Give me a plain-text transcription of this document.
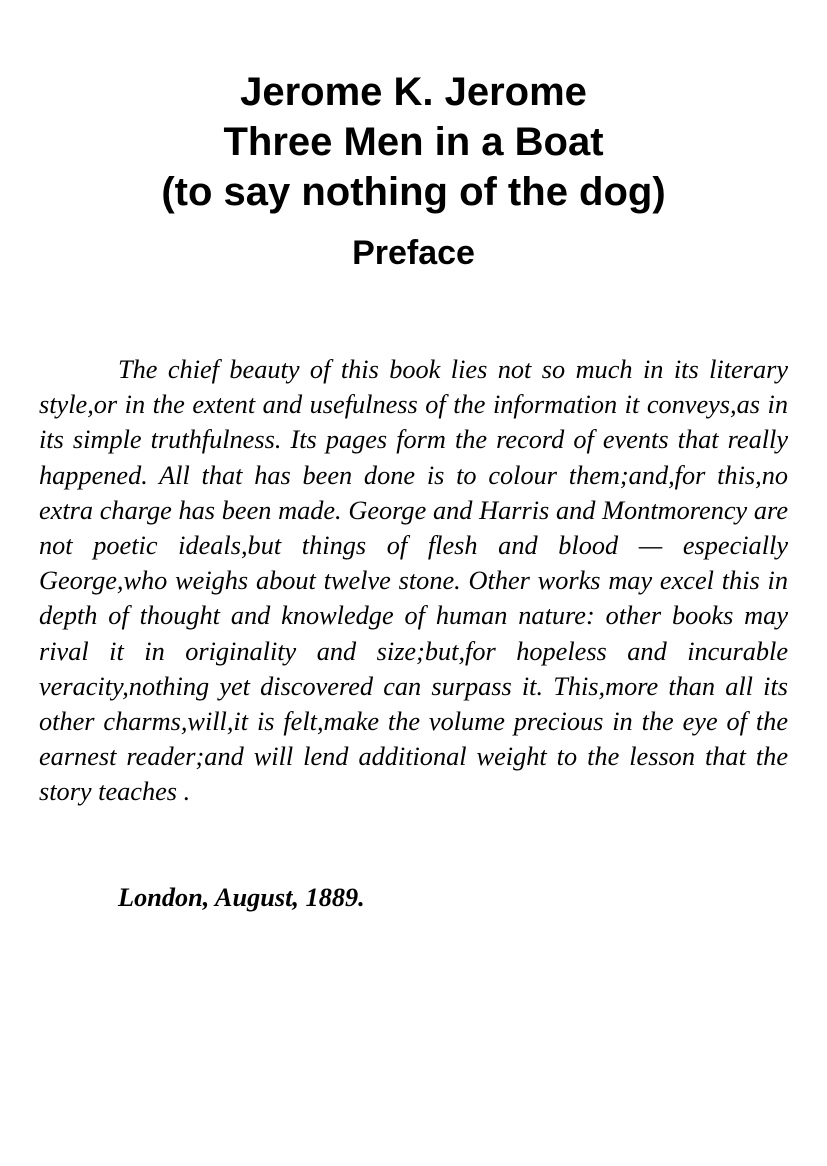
Jerome K. Jerome
Three Men in a Boat
(to say nothing of the dog)
Preface

The chief beauty of this book lies not so much in its literary style,or in the extent and usefulness of the information it conveys,as in its simple truthfulness. Its pages form the record of events that really happened. All that has been done is to colour them;and,for this,no extra charge has been made. George and Harris and Montmorency are not poetic ideals,but things of flesh and blood — especially George,who weighs about twelve stone. Other works may excel this in depth of thought and knowledge of human nature: other books may rival it in originality and size;but,for hopeless and incurable veracity,nothing yet discovered can surpass it. This,more than all its other charms,will,it is felt,make the volume precious in the eye of the earnest reader;and will lend additional weight to the lesson that the story teaches .

London, August, 1889.
